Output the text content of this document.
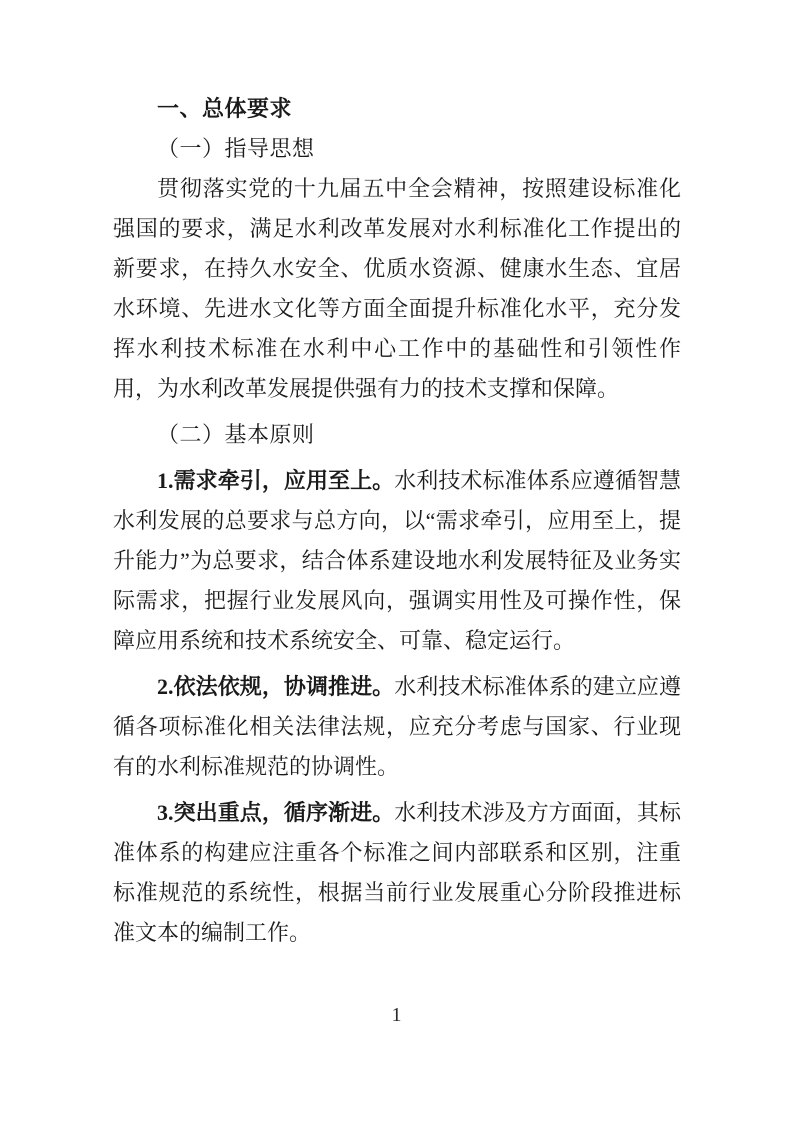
一、总体要求

（一）指导思想

贯彻落实党的十九届五中全会精神，按照建设标准化强国的要求，满足水利改革发展对水利标准化工作提出的新要求，在持久水安全、优质水资源、健康水生态、宜居水环境、先进水文化等方面全面提升标准化水平，充分发挥水利技术标准在水利中心工作中的基础性和引领性作用，为水利改革发展提供强有力的技术支撑和保障。

（二）基本原则

1.需求牵引，应用至上。水利技术标准体系应遵循智慧水利发展的总要求与总方向，以“需求牵引，应用至上，提升能力”为总要求，结合体系建设地水利发展特征及业务实际需求，把握行业发展风向，强调实用性及可操作性，保障应用系统和技术系统安全、可靠、稳定运行。

2.依法依规，协调推进。水利技术标准体系的建立应遵循各项标准化相关法律法规，应充分考虑与国家、行业现有的水利标准规范的协调性。

3.突出重点，循序渐进。水利技术涉及方方面面，其标准体系的构建应注重各个标准之间内部联系和区别，注重标准规范的系统性，根据当前行业发展重心分阶段推进标准文本的编制工作。

1
